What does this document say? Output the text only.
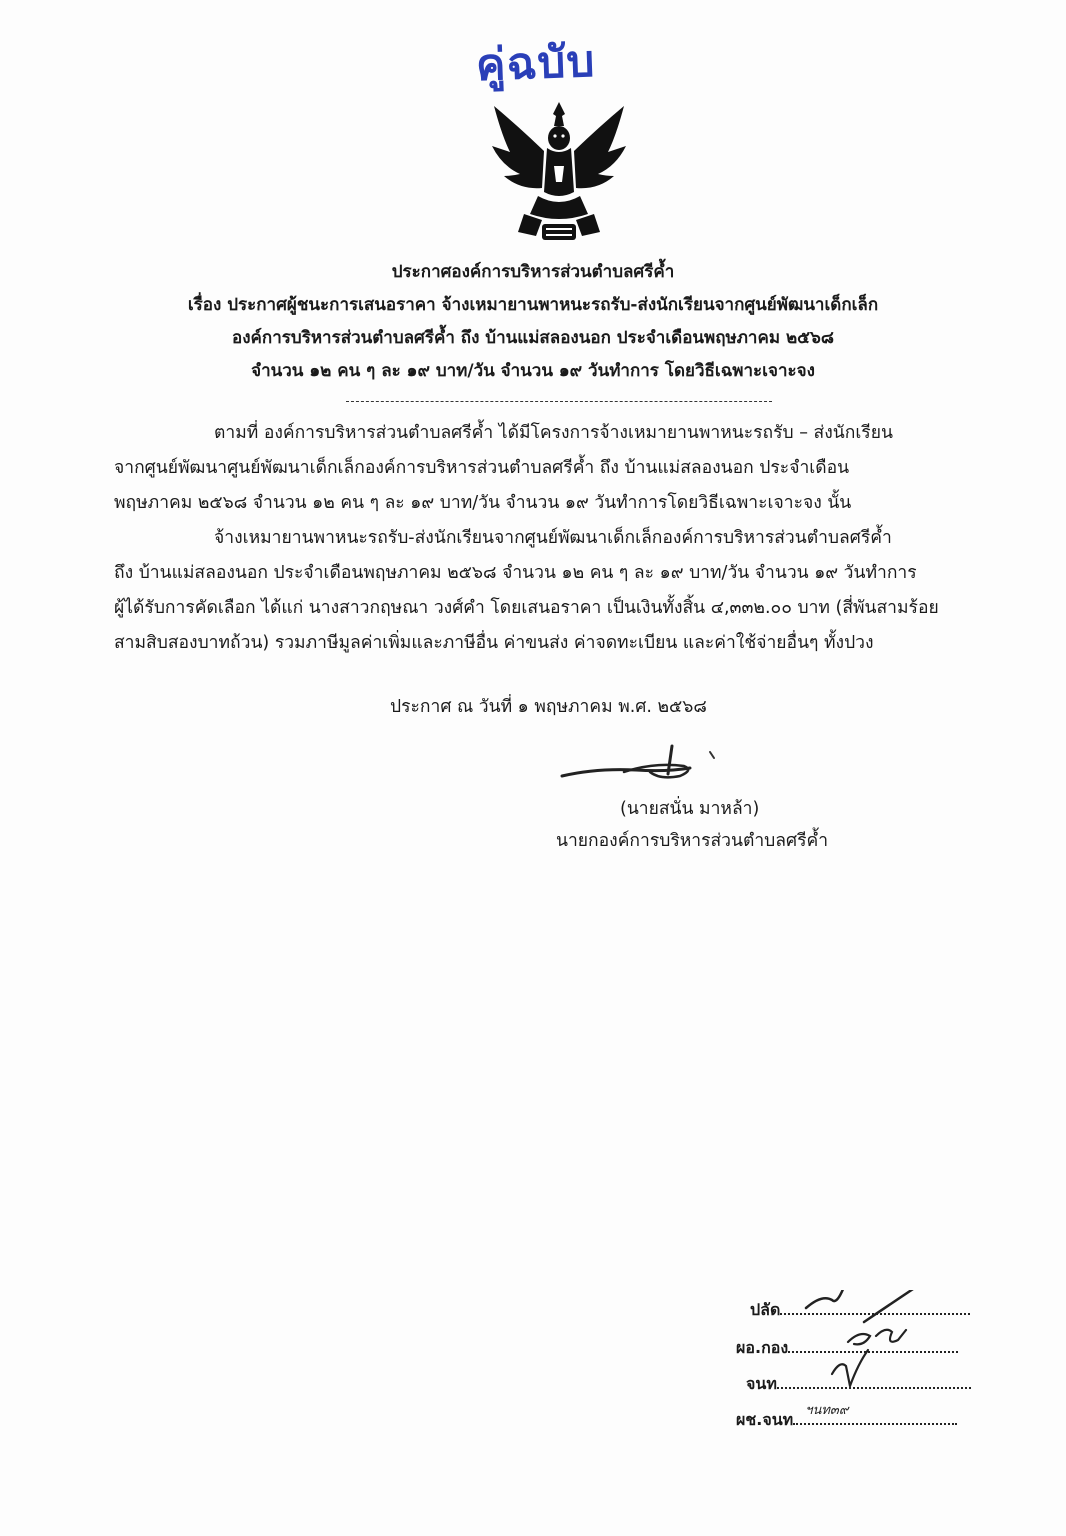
คู่ฉบับ
ประกาศองค์การบริหารส่วนตำบลศรีค้ำ
เรื่อง ประกาศผู้ชนะการเสนอราคา จ้างเหมายานพาหนะรถรับ-ส่งนักเรียนจากศูนย์พัฒนาเด็กเล็ก
องค์การบริหารส่วนตำบลศรีค้ำ ถึง บ้านแม่สลองนอก ประจำเดือนพฤษภาคม ๒๕๖๘
จำนวน ๑๒ คน ๆ ละ ๑๙ บาท/วัน จำนวน ๑๙ วันทำการ โดยวิธีเฉพาะเจาะจง
ตามที่ องค์การบริหารส่วนตำบลศรีค้ำ ได้มีโครงการจ้างเหมายานพาหนะรถรับ – ส่งนักเรียน
จากศูนย์พัฒนาศูนย์พัฒนาเด็กเล็กองค์การบริหารส่วนตำบลศรีค้ำ ถึง บ้านแม่สลองนอก ประจำเดือน
พฤษภาคม ๒๕๖๘ จำนวน ๑๒ คน ๆ ละ ๑๙ บาท/วัน จำนวน ๑๙ วันทำการโดยวิธีเฉพาะเจาะจง นั้น
จ้างเหมายานพาหนะรถรับ-ส่งนักเรียนจากศูนย์พัฒนาเด็กเล็กองค์การบริหารส่วนตำบลศรีค้ำ
ถึง บ้านแม่สลองนอก ประจำเดือนพฤษภาคม ๒๕๖๘ จำนวน ๑๒ คน ๆ ละ ๑๙ บาท/วัน จำนวน ๑๙ วันทำการ
ผู้ได้รับการคัดเลือก ได้แก่ นางสาวกฤษณา วงศ์คำ โดยเสนอราคา เป็นเงินทั้งสิ้น ๔,๓๓๒.๐๐ บาท (สี่พันสามร้อย
สามสิบสองบาทถ้วน) รวมภาษีมูลค่าเพิ่มและภาษีอื่น ค่าขนส่ง ค่าจดทะเบียน และค่าใช้จ่ายอื่นๆ ทั้งปวง
ประกาศ ณ วันที่ ๑ พฤษภาคม พ.ศ. ๒๕๖๘
(นายสนั่น มาหล้า)
นายกองค์การบริหารส่วนตำบลศรีค้ำ
ปลัด
ผอ.กอง
จนท
ผช.จนท ฯนท๓๙
